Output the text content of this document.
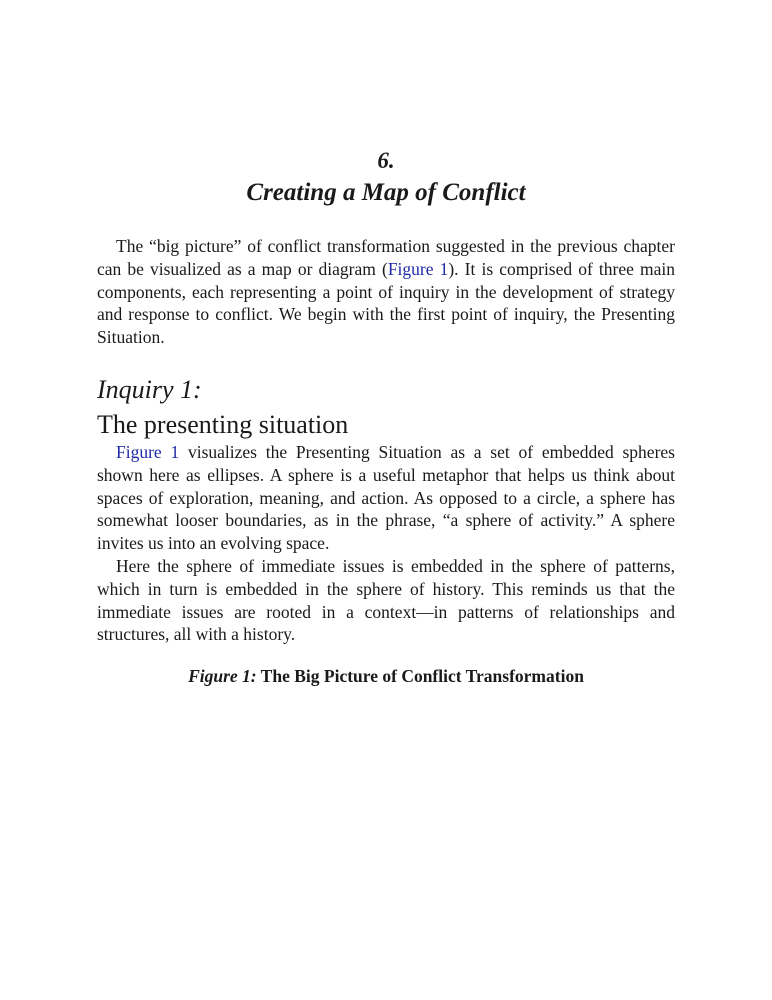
6.
Creating a Map of Conflict

The “big picture” of conflict transformation suggested in the previous chapter can be visualized as a map or diagram (Figure 1). It is comprised of three main components, each representing a point of inquiry in the development of strategy and response to conflict. We begin with the first point of inquiry, the Presenting Situation.

Inquiry 1:
The presenting situation

Figure 1 visualizes the Presenting Situation as a set of embedded spheres shown here as ellipses. A sphere is a useful metaphor that helps us think about spaces of exploration, meaning, and action. As opposed to a circle, a sphere has somewhat looser boundaries, as in the phrase, “a sphere of activity.” A sphere invites us into an evolving space.

Here the sphere of immediate issues is embedded in the sphere of patterns, which in turn is embedded in the sphere of history. This reminds us that the immediate issues are rooted in a context—in patterns of relationships and structures, all with a history.

Figure 1: The Big Picture of Conflict Transformation
